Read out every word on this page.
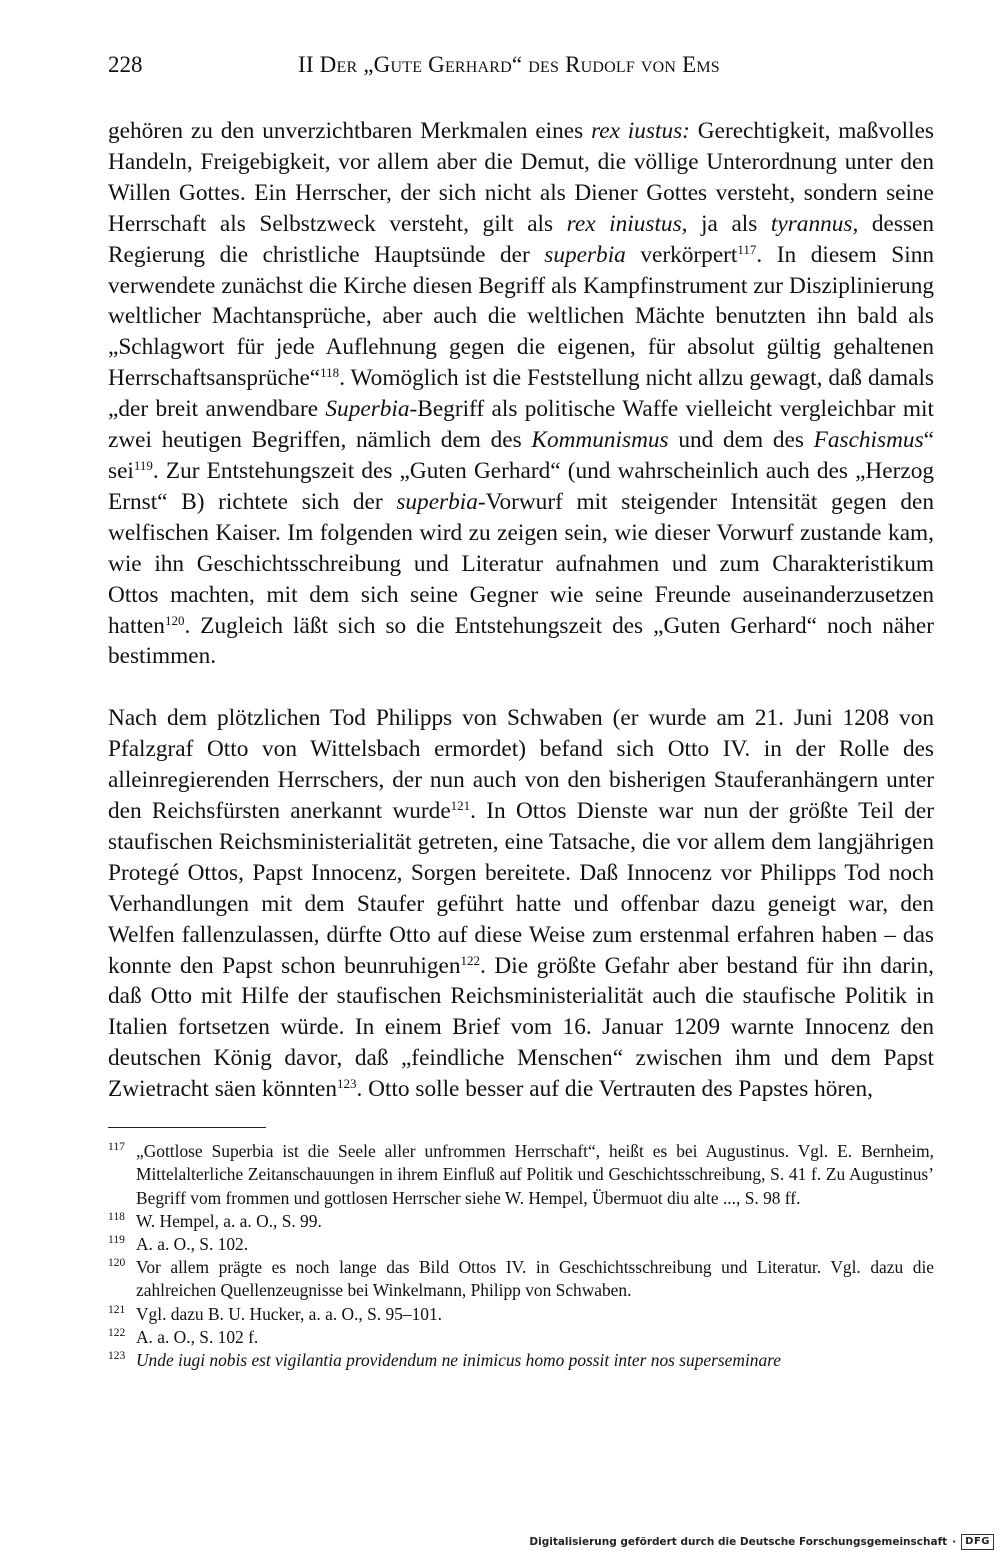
228	II Der „Gute Gerhard“ des Rudolf von Ems

gehören zu den unverzichtbaren Merkmalen eines rex iustus: Gerechtigkeit, maßvolles Handeln, Freigebigkeit, vor allem aber die Demut, die völlige Unterordnung unter den Willen Gottes. Ein Herrscher, der sich nicht als Diener Gottes versteht, sondern seine Herrschaft als Selbstzweck versteht, gilt als rex iniustus, ja als tyrannus, dessen Regierung die christliche Hauptsünde der superbia verkörpert$^{117}$. In diesem Sinn verwendete zunächst die Kirche diesen Begriff als Kampfinstrument zur Disziplinierung weltlicher Machtansprüche, aber auch die weltlichen Mächte benutzten ihn bald als „Schlagwort für jede Auflehnung gegen die eigenen, für absolut gültig gehaltenen Herrschaftsansprüche“$^{118}$. Womöglich ist die Feststellung nicht allzu gewagt, daß damals „der breit anwendbare Superbia-Begriff als politische Waffe vielleicht vergleichbar mit zwei heutigen Begriffen, nämlich dem des Kommunismus und dem des Faschismus“ sei$^{119}$. Zur Entstehungszeit des „Guten Gerhard“ (und wahrscheinlich auch des „Herzog Ernst“ B) richtete sich der superbia-Vorwurf mit steigender Intensität gegen den welfischen Kaiser. Im folgenden wird zu zeigen sein, wie dieser Vorwurf zustande kam, wie ihn Geschichtsschreibung und Literatur aufnahmen und zum Charakteristikum Ottos machten, mit dem sich seine Gegner wie seine Freunde auseinanderzusetzen hatten$^{120}$. Zugleich läßt sich so die Entstehungszeit des „Guten Gerhard“ noch näher bestimmen.

Nach dem plötzlichen Tod Philipps von Schwaben (er wurde am 21. Juni 1208 von Pfalzgraf Otto von Wittelsbach ermordet) befand sich Otto IV. in der Rolle des alleinregierenden Herrschers, der nun auch von den bisherigen Stauferanhängern unter den Reichsfürsten anerkannt wurde$^{121}$. In Ottos Dienste war nun der größte Teil der staufischen Reichsministerialität getreten, eine Tatsache, die vor allem dem langjährigen Protegé Ottos, Papst Innocenz, Sorgen bereitete. Daß Innocenz vor Philipps Tod noch Verhandlungen mit dem Staufer geführt hatte und offenbar dazu geneigt war, den Welfen fallenzulassen, dürfte Otto auf diese Weise zum erstenmal erfahren haben – das konnte den Papst schon beunruhigen$^{122}$. Die größte Gefahr aber bestand für ihn darin, daß Otto mit Hilfe der staufischen Reichsministerialität auch die staufische Politik in Italien fortsetzen würde. In einem Brief vom 16. Januar 1209 warnte Innocenz den deutschen König davor, daß „feindliche Menschen“ zwischen ihm und dem Papst Zwietracht säen könnten$^{123}$. Otto solle besser auf die Vertrauten des Papstes hören,

117 „Gottlose Superbia ist die Seele aller unfrommen Herrschaft“, heißt es bei Augustinus. Vgl. E. Bernheim, Mittelalterliche Zeitanschauungen in ihrem Einfluß auf Politik und Geschichtsschreibung, S. 41 f. Zu Augustinus’ Begriff vom frommen und gottlosen Herrscher siehe W. Hempel, Übermuot diu alte ..., S. 98 ff.
118 W. Hempel, a. a. O., S. 99.
119 A. a. O., S. 102.
120 Vor allem prägte es noch lange das Bild Ottos IV. in Geschichtsschreibung und Literatur. Vgl. dazu die zahlreichen Quellenzeugnisse bei Winkelmann, Philipp von Schwaben.
121 Vgl. dazu B. U. Hucker, a. a. O., S. 95–101.
122 A. a. O., S. 102 f.
123 Unde iugi nobis est vigilantia providendum ne inimicus homo possit inter nos superseminare
Digitalisierung gefördert durch die Deutsche Forschungsgemeinschaft · DFG
